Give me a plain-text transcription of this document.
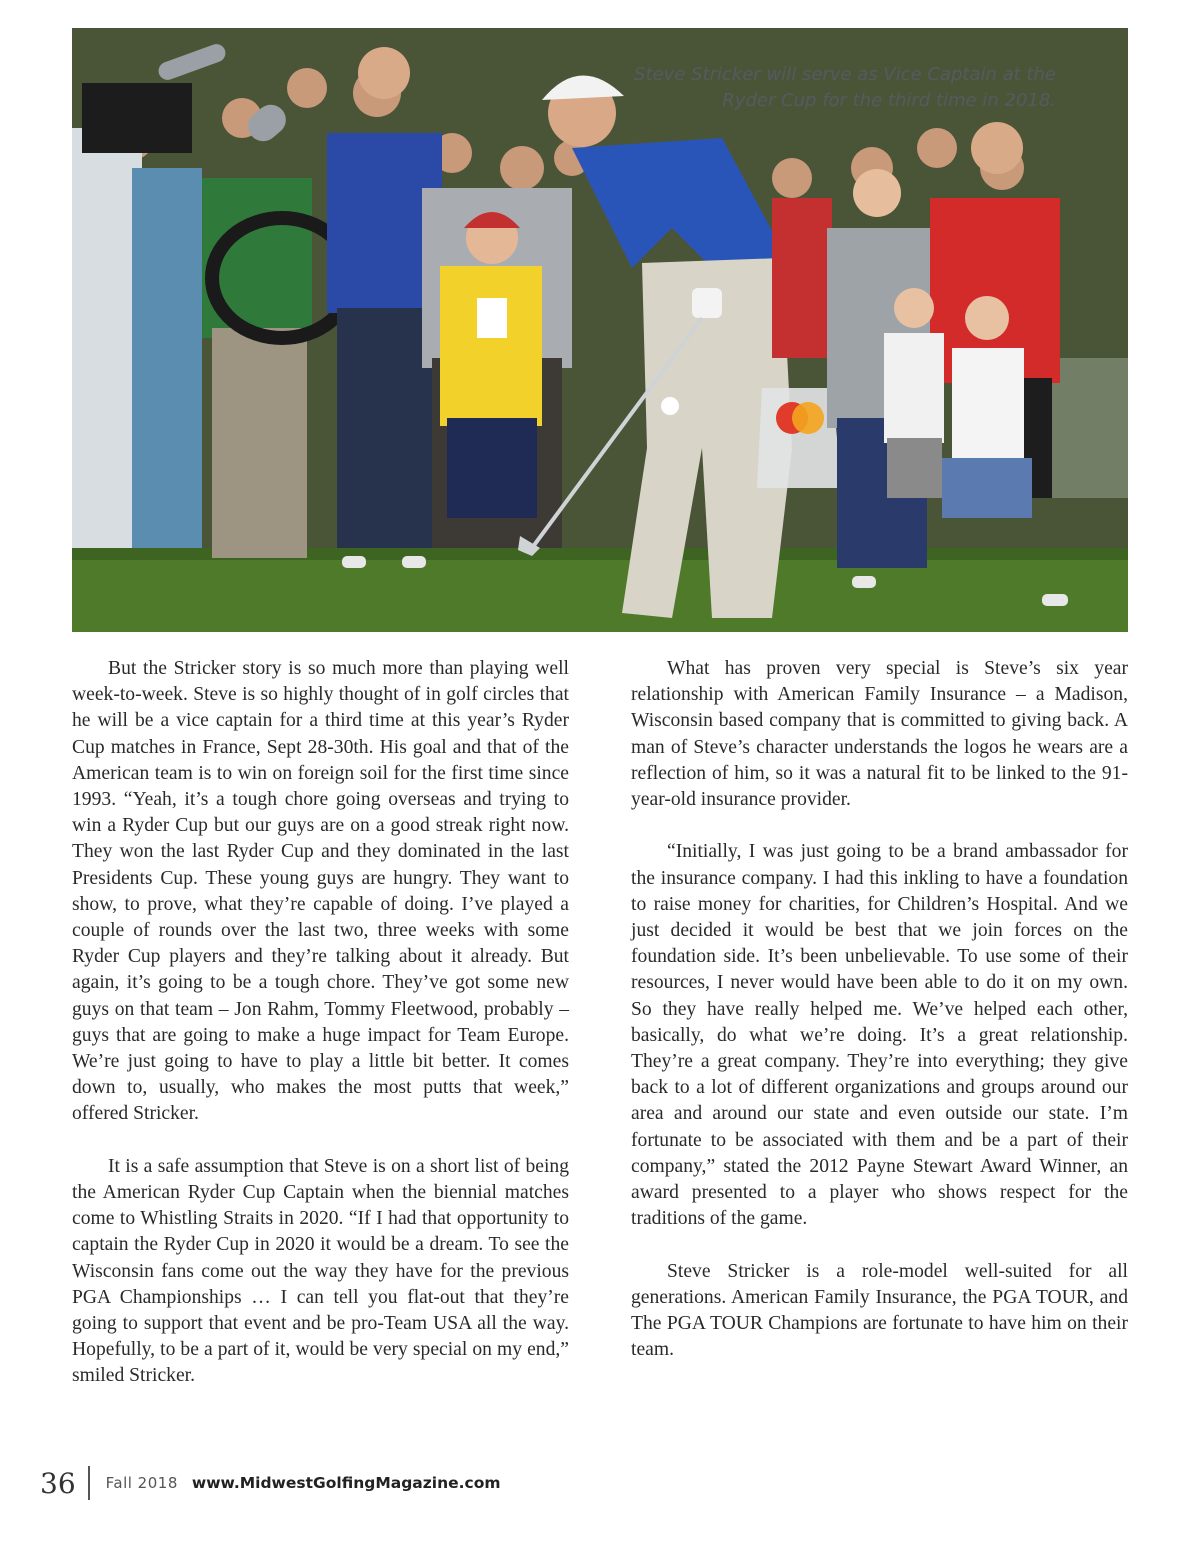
Steve Stricker will serve as Vice Captain at the
Ryder Cup for the third time in 2018.

But the Stricker story is so much more than playing well week-to-week. Steve is so highly thought of in golf circles that he will be a vice captain for a third time at this year’s Ryder Cup matches in France, Sept 28-30th. His goal and that of the American team is to win on foreign soil for the first time since 1993. “Yeah, it’s a tough chore going overseas and trying to win a Ryder Cup but our guys are on a good streak right now. They won the last Ryder Cup and they dominated in the last Presidents Cup. These young guys are hungry. They want to show, to prove, what they’re capable of doing. I’ve played a couple of rounds over the last two, three weeks with some Ryder Cup players and they’re talking about it already. But again, it’s going to be a tough chore. They’ve got some new guys on that team – Jon Rahm, Tommy Fleetwood, probably – guys that are going to make a huge impact for Team Europe. We’re just going to have to play a little bit better. It comes down to, usually, who makes the most putts that week,” offered Stricker.

It is a safe assumption that Steve is on a short list of being the American Ryder Cup Captain when the biennial matches come to Whistling Straits in 2020. “If I had that opportunity to captain the Ryder Cup in 2020 it would be a dream. To see the Wisconsin fans come out the way they have for the previous PGA Championships … I can tell you flat-out that they’re going to support that event and be pro-Team USA all the way. Hopefully, to be a part of it, would be very special on my end,” smiled Stricker.

What has proven very special is Steve’s six year relationship with American Family Insurance – a Madison, Wisconsin based company that is committed to giving back. A man of Steve’s character understands the logos he wears are a reflection of him, so it was a natural fit to be linked to the 91-year-old insurance provider.

“Initially, I was just going to be a brand ambassador for the insurance company. I had this inkling to have a foundation to raise money for charities, for Children’s Hospital. And we just decided it would be best that we join forces on the foundation side. It’s been unbelievable. To use some of their resources, I never would have been able to do it on my own. So they have really helped me. We’ve helped each other, basically, do what we’re doing. It’s a great relationship. They’re a great company. They’re into everything; they give back to a lot of different organizations and groups around our area and around our state and even outside our state. I’m fortunate to be associated with them and be a part of their company,” stated the 2012 Payne Stewart Award Winner, an award presented to a player who shows respect for the traditions of the game.

Steve Stricker is a role-model well-suited for all generations. American Family Insurance, the PGA TOUR, and The PGA TOUR Champions are fortunate to have him on their team.

36 Fall 2018 www.MidwestGolfingMagazine.com
